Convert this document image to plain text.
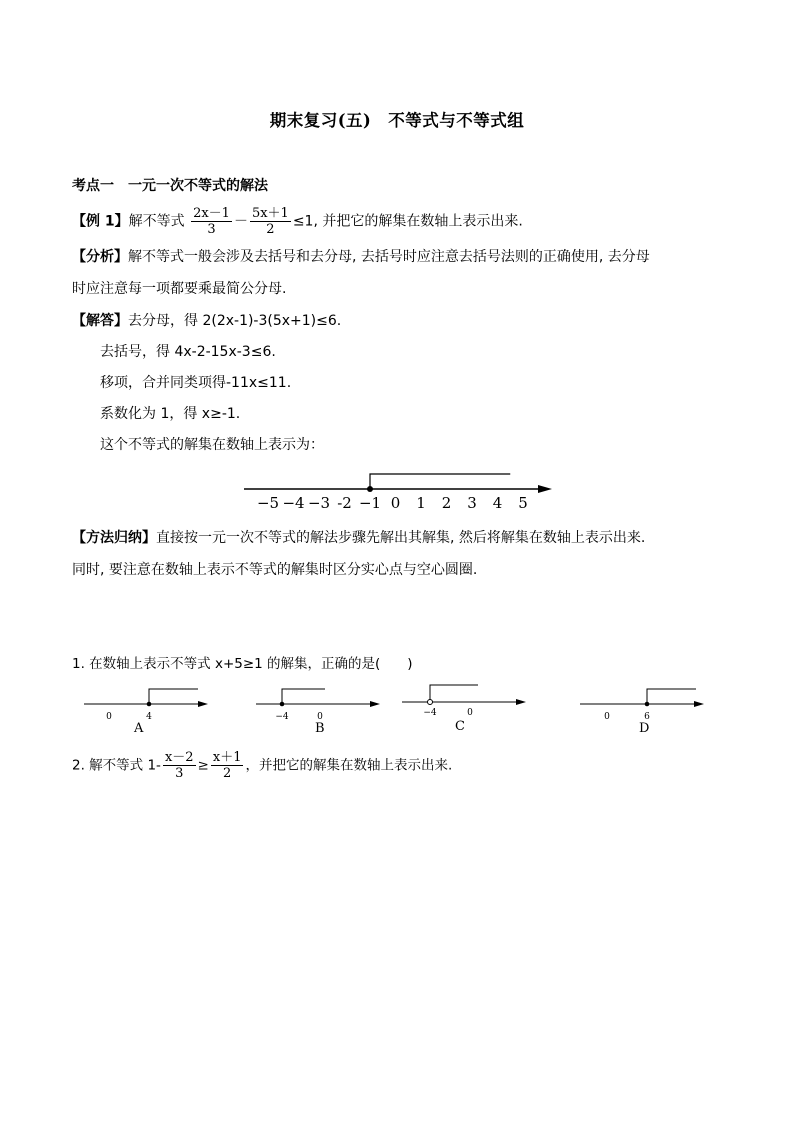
期末复习(五)　不等式与不等式组
考点一　一元一次不等式的解法
【例 1】解不等式 $\frac{2x-1}{3} - \frac{5x+1}{2} \le 1$, 并把它的解集在数轴上表示出来.
【分析】解不等式一般会涉及去括号和去分母, 去括号时应注意去括号法则的正确使用, 去分母
时应注意每一项都要乘最简公分母.
【解答】去分母，得 2(2x-1)-3(5x+1)≤6.
去括号，得 4x-2-15x-3≤6.
移项，合并同类项得-11x≤11.
系数化为 1，得 x≥-1.
这个不等式的解集在数轴上表示为：
−5 −4 −3 -2 −1 0 1 2 3 4 5
【方法归纳】直接按一元一次不等式的解法步骤先解出其解集, 然后将解集在数轴上表示出来.
同时, 要注意在数轴上表示不等式的解集时区分实心点与空心圆圈.
1. 在数轴上表示不等式 x+5≥1 的解集，正确的是(　　)
0	4
A
−4	0
B
−4	0
C
0	6
D
2. 解不等式 $1- \frac{x-2}{3} \ge \frac{x+1}{2}$ ，并把它的解集在数轴上表示出来.
